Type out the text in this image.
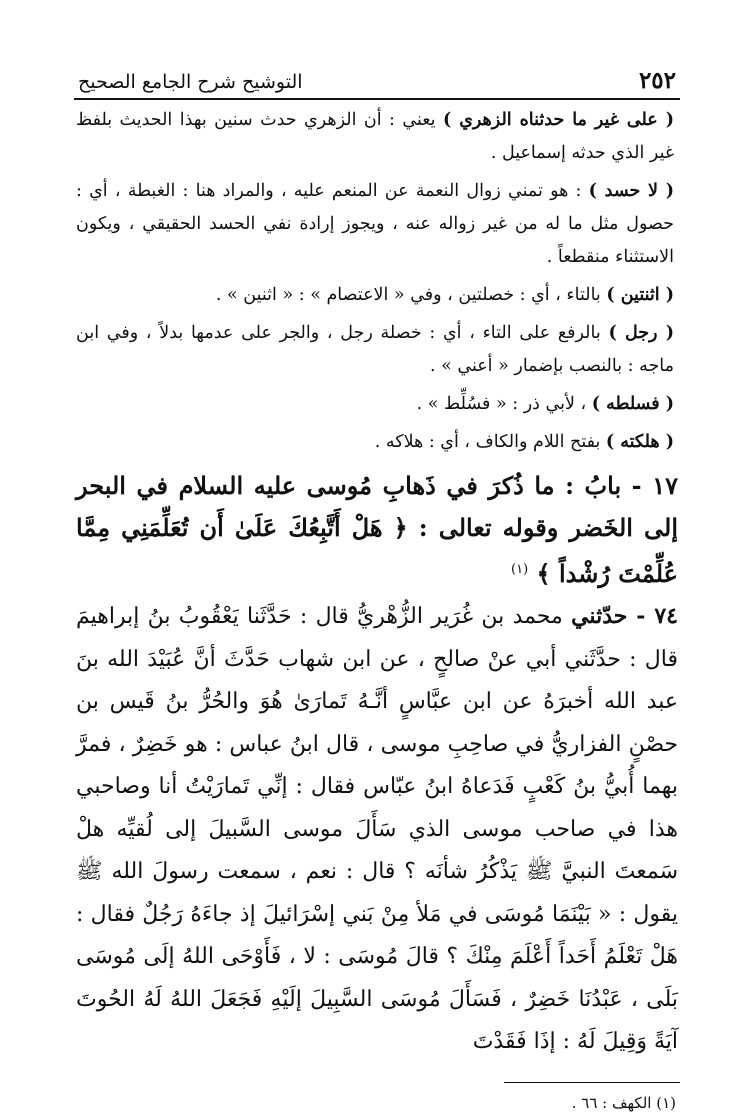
٢٥٢
التوشيح شرح الجامع الصحيح

( على غير ما حدثناه الزهري ) يعني : أن الزهري حدث سنين بهذا الحديث بلفظ غير الذي حدثه إسماعيل .

( لا حسد ) : هو تمني زوال النعمة عن المنعم عليه ، والمراد هنا : الغبطة ، أي : حصول مثل ما له من غير زواله عنه ، ويجوز إرادة نفي الحسد الحقيقي ، ويكون الاستثناء منقطعاً .

( اثنتين ) بالتاء ، أي : خصلتين ، وفي « الاعتصام » : « اثنين » .

( رجل ) بالرفع على التاء ، أي : خصلة رجل ، والجر على عدمها بدلاً ، وفي ابن ماجه : بالنصب بإضمار « أعني » .

( فسلطه ) ، لأبي ذر : « فسُلِّط » .

( هلكته ) بفتح اللام والكاف ، أي : هلاكه .

١٧ - بابُ : ما ذُكرَ في ذَهابِ مُوسى عليه السلام في البحر إلى الخَضر وقوله تعالى : ﴿ هَلْ أَتَّبِعُكَ عَلَىٰ أَن تُعَلِّمَنِي مِمَّا عُلِّمْتَ رُشْداً ﴾ $^{(١)}$

٧٤ - حدّثني محمد بن غُرَير الزُّهْريُّ قال : حَدَّثَنا يَعْقُوبُ بنُ إبراهيمَ قال : حدَّثَني أبي عنْ صالحٍ ، عن ابن شهاب حَدَّثَ أنَّ عُبَيْدَ الله بنَ عبد الله أخبرَهُ عن ابن عبَّاسٍ أنَّـهُ تَمارَىٰ هُوَ والحُرُّ بنُ قَيس بن حصْنٍ الفزاريُّ في صاحِبِ موسى ، قال ابنُ عباس : هو خَضِرٌ ، فمرَّ بهما أُبيُّ بنُ كَعْبٍ فَدَعاهُ ابنُ عبّاس فقال : إنِّي تَمارَيْتُ أنا وصاحبي هذا في صاحب موسى الذي سَأَلَ موسى السَّبيلَ إلى لُقيِّه هلْ سَمعتَ النبيَّ ﷺ يَذْكُرُ شأنَه ؟ قال : نعم ، سمعت رسولَ الله ﷺ يقول : « بَيْنَمَا مُوسَى في مَلأ مِنْ بَني إسْرَائيلَ إذ جاءَهُ رَجُلٌ فقال : هَلْ تَعْلَمُ أَحَداً أَعْلَمَ مِنْكَ ؟ قالَ مُوسَى : لا ، فَأَوْحَى اللهُ إلَى مُوسَى بَلَى ، عَبْدُنَا خَضِرٌ ، فَسَأَلَ مُوسَى السَّبِيلَ إلَيْهِ فَجَعَلَ اللهُ لَهُ الحُوتَ آيَةً وَقِيلَ لَهُ : إذَا فَقَدْتَ

(١) الكهف : ٦٦ .
